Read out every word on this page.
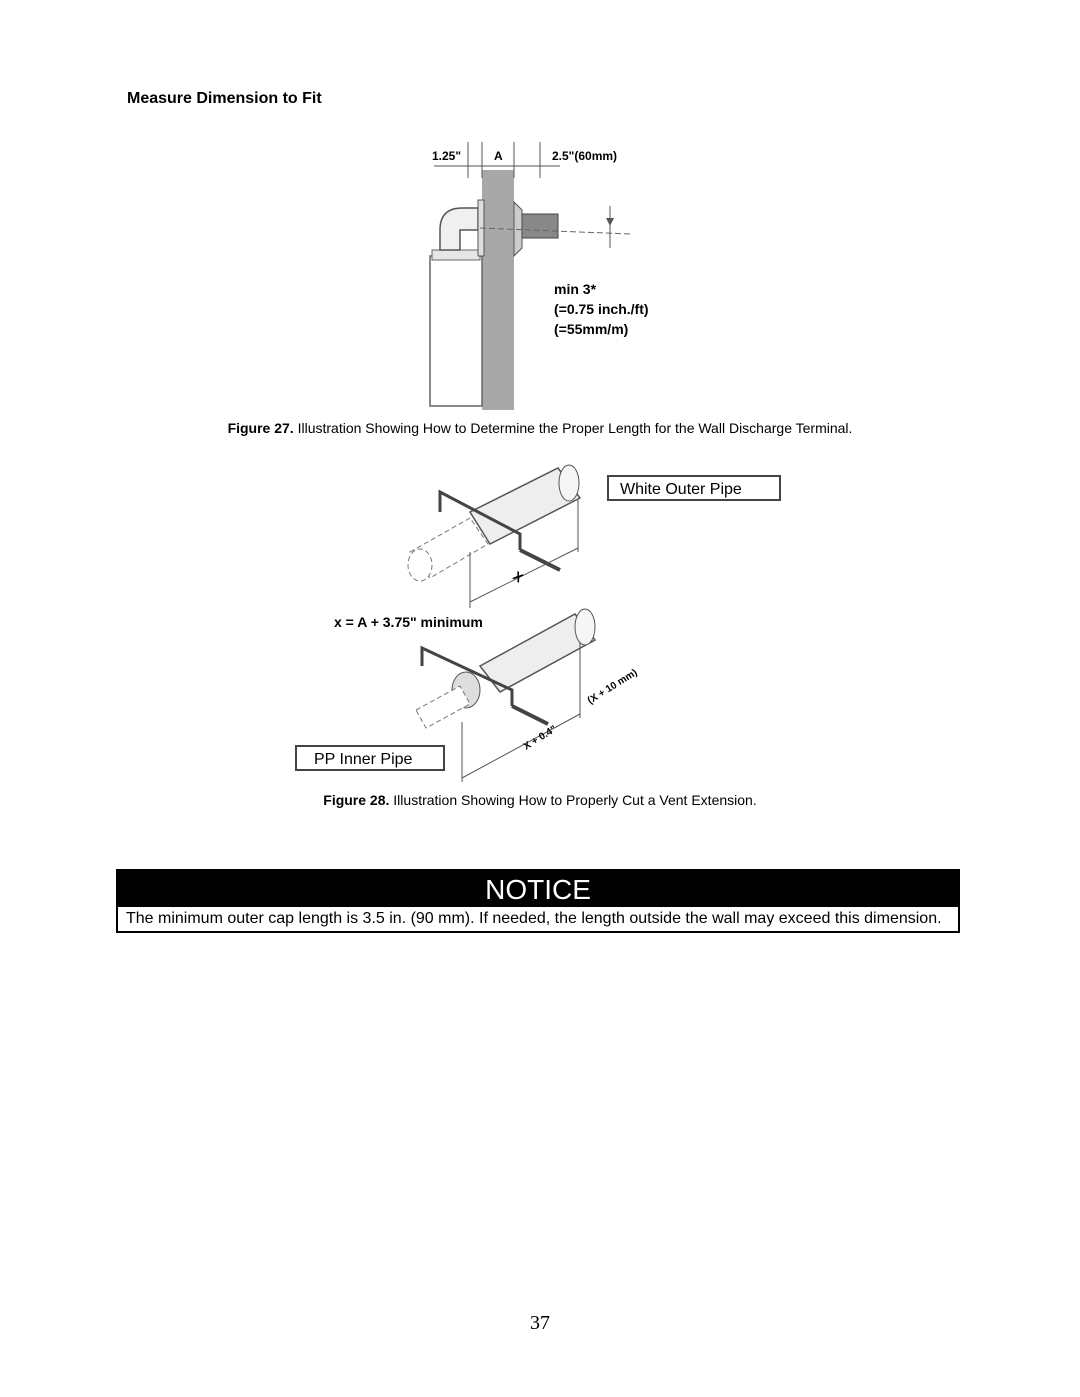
Measure Dimension to Fit
1.25"	A	2.5"(60mm)
min 3*
(=0.75 inch./ft)
(=55mm/m)
Figure 27. Illustration Showing How to Determine the Proper Length for the Wall Discharge Terminal.
X
White Outer Pipe
x = A + 3.75" minimum
X + 0.4"
(X + 10 mm)
PP Inner Pipe
Figure 28. Illustration Showing How to Properly Cut a Vent Extension.
NOTICE
The minimum outer cap length is 3.5 in. (90 mm). If needed, the length outside the wall may exceed this dimension.
37
